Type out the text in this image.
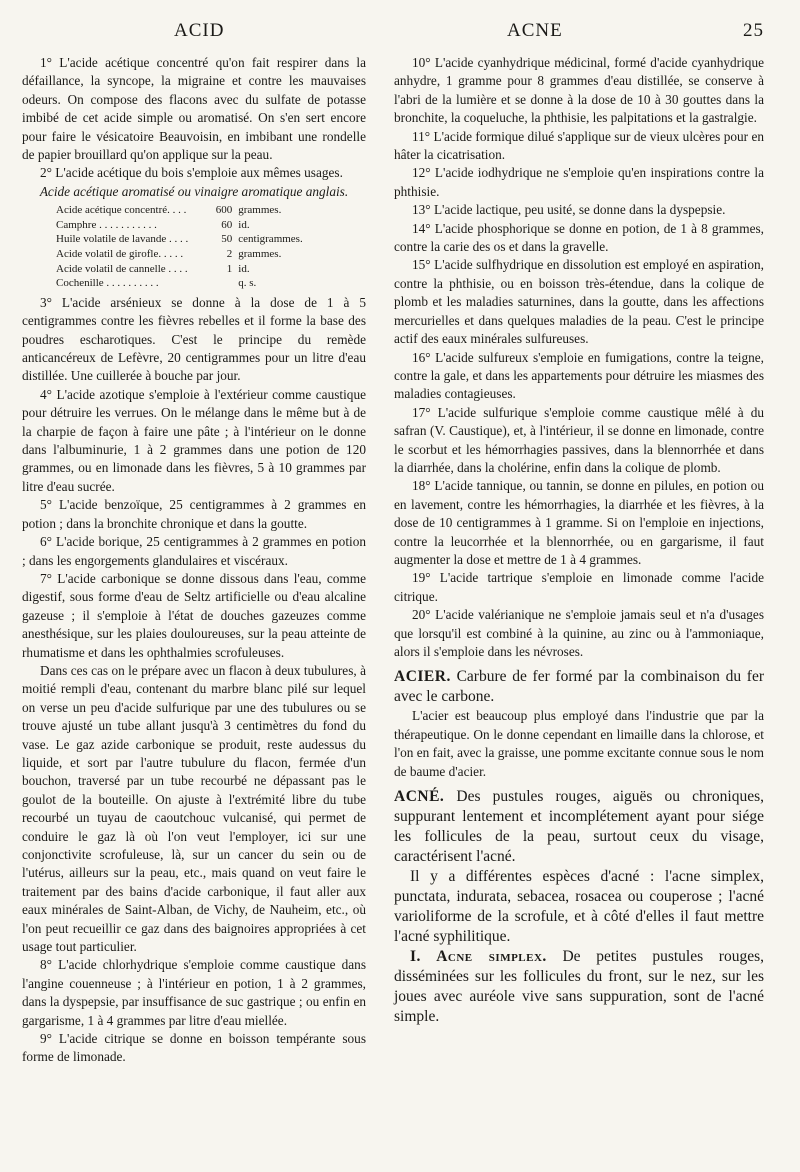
ACID	ACNE	25

1° L'acide acétique concentré qu'on fait respirer dans la défaillance, la syncope, la migraine et contre les mauvaises odeurs. On compose des flacons avec du sulfate de potasse imbibé de cet acide simple ou aromatisé. On s'en sert encore pour faire le vésicatoire Beauvoisin, en imbibant une rondelle de papier brouillard qu'on applique sur la peau.

2° L'acide acétique du bois s'emploie aux mêmes usages.

Acide acétique aromatisé ou vinaigre aromatique anglais.

Acide acétique concentré. . . .	600	grammes.
Camphre . . . . . . . . . . .	60	id.
Huile volatile de lavande . . . .	50	centigrammes.
Acide volatil de girofle. . . . .	2	grammes.
Acide volatil de cannelle . . . .	1	id.
Cochenille . . . . . . . . . .		q. s.

3° L'acide arsénieux se donne à la dose de 1 à 5 centigrammes contre les fièvres rebelles et il forme la base des poudres escharotiques. C'est le principe du remède anticancéreux de Lefèvre, 20 centigrammes pour un litre d'eau distillée. Une cuillerée à bouche par jour.

4° L'acide azotique s'emploie à l'extérieur comme caustique pour détruire les verrues. On le mélange dans le même but à de la charpie de façon à faire une pâte ; à l'intérieur on le donne dans l'albuminurie, 1 à 2 grammes dans une potion de 120 grammes, ou en limonade dans les fièvres, 5 à 10 grammes par litre d'eau sucrée.

5° L'acide benzoïque, 25 centigrammes à 2 grammes en potion ; dans la bronchite chronique et dans la goutte.

6° L'acide borique, 25 centigrammes à 2 grammes en potion ; dans les engorgements glandulaires et viscéraux.

7° L'acide carbonique se donne dissous dans l'eau, comme digestif, sous forme d'eau de Seltz artificielle ou d'eau alcaline gazeuse ; il s'emploie à l'état de douches gazeuzes comme anesthésique, sur les plaies douloureuses, sur la peau atteinte de rhumatisme et dans les ophthalmies scrofuleuses.

Dans ces cas on le prépare avec un flacon à deux tubulures, à moitié rempli d'eau, contenant du marbre blanc pilé sur lequel on verse un peu d'acide sulfurique par une des tubulures ou se trouve ajusté un tube allant jusqu'à 3 centimètres du fond du vase. Le gaz azide carbonique se produit, reste audessus du liquide, et sort par l'autre tubulure du flacon, fermée d'un bouchon, traversé par un tube recourbé ne dépassant pas le goulot de la bouteille. On ajuste à l'extrémité libre du tube recourbé un tuyau de caoutchouc vulcanisé, qui permet de conduire le gaz là où l'on veut l'employer, ici sur une conjonctivite scrofuleuse, là, sur un cancer du sein ou de l'utérus, ailleurs sur la peau, etc., mais quand on veut faire le traitement par des bains d'acide carbonique, il faut aller aux eaux minérales de Saint-Alban, de Vichy, de Nauheim, etc., où l'on peut recueillir ce gaz dans des baignoires appropriées à cet usage tout particulier.

8° L'acide chlorhydrique s'emploie comme caustique dans l'angine couenneuse ; à l'intérieur en potion, 1 à 2 grammes, dans la dyspepsie, par insuffisance de suc gastrique ; ou enfin en gargarisme, 1 à 4 grammes par litre d'eau miellée.

9° L'acide citrique se donne en boisson tempérante sous forme de limonade.

10° L'acide cyanhydrique médicinal, formé d'acide cyanhydrique anhydre, 1 gramme pour 8 grammes d'eau distillée, se conserve à l'abri de la lumière et se donne à la dose de 10 à 30 gouttes dans la bronchite, la coqueluche, la phthisie, les palpitations et la gastralgie.

11° L'acide formique dilué s'applique sur de vieux ulcères pour en hâter la cicatrisation.

12° L'acide iodhydrique ne s'emploie qu'en inspirations contre la phthisie.

13° L'acide lactique, peu usité, se donne dans la dyspepsie.

14° L'acide phosphorique se donne en potion, de 1 à 8 grammes, contre la carie des os et dans la gravelle.

15° L'acide sulfhydrique en dissolution est employé en aspiration, contre la phthisie, ou en boisson très-étendue, dans la colique de plomb et les maladies saturnines, dans la goutte, dans les affections mercurielles et dans quelques maladies de la peau. C'est le principe actif des eaux minérales sulfureuses.

16° L'acide sulfureux s'emploie en fumigations, contre la teigne, contre la gale, et dans les appartements pour détruire les miasmes des maladies contagieuses.

17° L'acide sulfurique s'emploie comme caustique mêlé à du safran (V. Caustique), et, à l'intérieur, il se donne en limonade, contre le scorbut et les hémorrhagies passives, dans la blennorrhée et dans la diarrhée, dans la cholérine, enfin dans la colique de plomb.

18° L'acide tannique, ou tannin, se donne en pilules, en potion ou en lavement, contre les hémorrhagies, la diarrhée et les fièvres, à la dose de 10 centigrammes à 1 gramme. Si on l'emploie en injections, contre la leucorrhée et la blennorrhée, ou en gargarisme, il faut augmenter la dose et mettre de 1 à 4 grammes.

19° L'acide tartrique s'emploie en limonade comme l'acide citrique.

20° L'acide valérianique ne s'emploie jamais seul et n'a d'usages que lorsqu'il est combiné à la quinine, au zinc ou à l'ammoniaque, alors il s'emploie dans les névroses.

ACIER. Carbure de fer formé par la combinaison du fer avec le carbone.

L'acier est beaucoup plus employé dans l'industrie que par la thérapeutique. On le donne cependant en limaille dans la chlorose, et l'on en fait, avec la graisse, une pomme excitante connue sous le nom de baume d'acier.

ACNÉ. Des pustules rouges, aiguës ou chroniques, suppurant lentement et incomplétement ayant pour siége les follicules de la peau, surtout ceux du visage, caractérisent l'acné.

Il y a différentes espèces d'acné : l'acne simplex, punctata, indurata, sebacea, rosacea ou couperose ; l'acné varioliforme de la scrofule, et à côté d'elles il faut mettre l'acné syphilitique.

I. Acne simplex. De petites pustules rouges, disséminées sur les follicules du front, sur le nez, sur les joues avec auréole vive sans suppuration, sont de l'acné simple.
